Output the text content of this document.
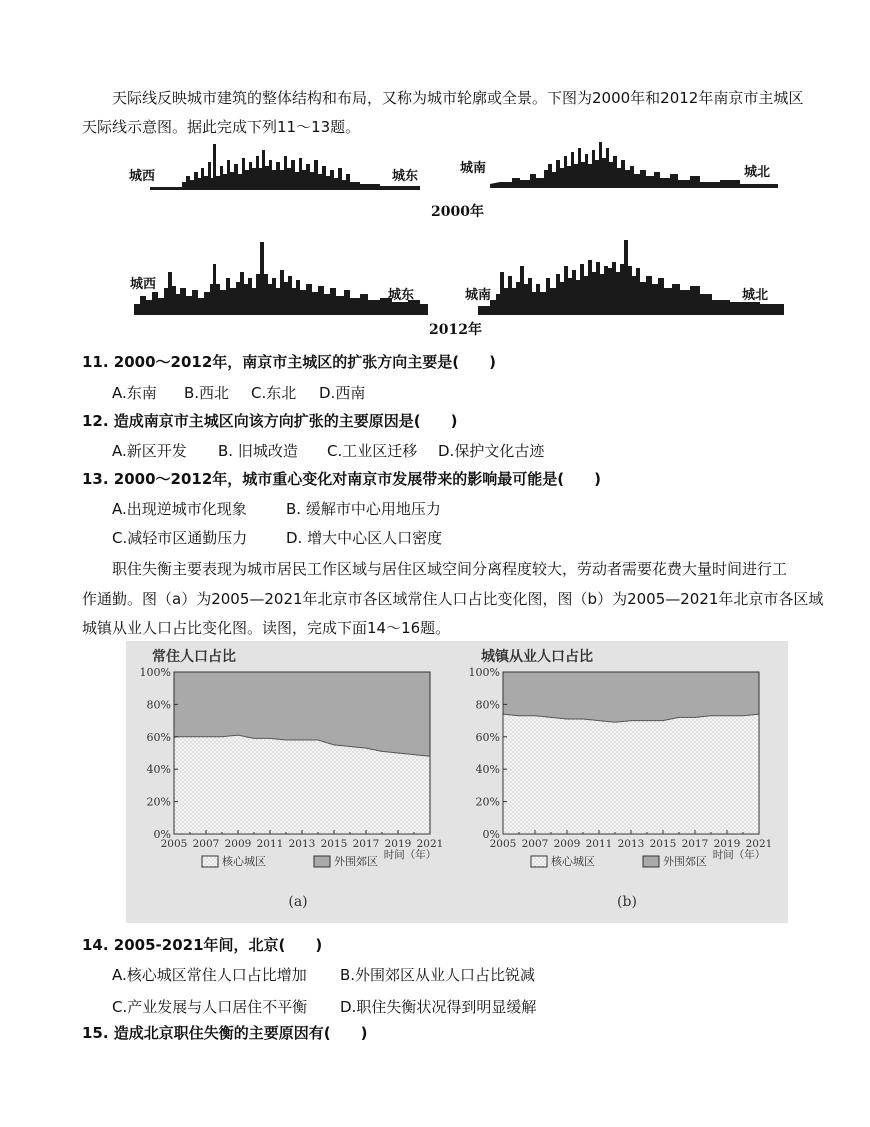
天际线反映城市建筑的整体结构和布局，又称为城市轮廓或全景。下图为2000年和2012年南京市主城区
天际线示意图。据此完成下列11～13题。
城西	城东
城南	城北
2000年
城西
城东	城南	城北
2012年
11. 2000～2012年，南京市主城区的扩张方向主要是(　　)
A.东南 B.西北 C.东北 D.西南
12. 造成南京市主城区向该方向扩张的主要原因是(　　)
A.新区开发 B. 旧城改造 C.工业区迁移 D.保护文化古迹
13. 2000～2012年，城市重心变化对南京市发展带来的影响最可能是(　　)
A.出现逆城市化现象	B. 缓解市中心用地压力
C.减轻市区通勤压力	D. 增大中心区人口密度
职住失衡主要表现为城市居民工作区域与居住区域空间分离程度较大，劳动者需要花费大量时间进行工
作通勤。图（a）为2005—2021年北京市各区域常住人口占比变化图，图（b）为2005—2021年北京市各区域
城镇从业人口占比变化图。读图，完成下面14～16题。
0%
20%
40%
60%
80%
100%
2005 2007 2009 2011 2013 2015 2017 2019 2021
常住人口占比
时间（年）
核心城区	外围郊区
(a)
0%
20%
40%
60%
80%
100%
2005 2007 2009 2011 2013 2015 2017 2019 2021
城镇从业人口占比
时间（年）
核心城区	外围郊区
(b)
14. 2005-2021年间，北京(　　)
A.核心城区常住人口占比增加 B.外围郊区从业人口占比锐减
C.产业发展与人口居住不平衡 D.职住失衡状况得到明显缓解
15. 造成北京职住失衡的主要原因有(　　)
